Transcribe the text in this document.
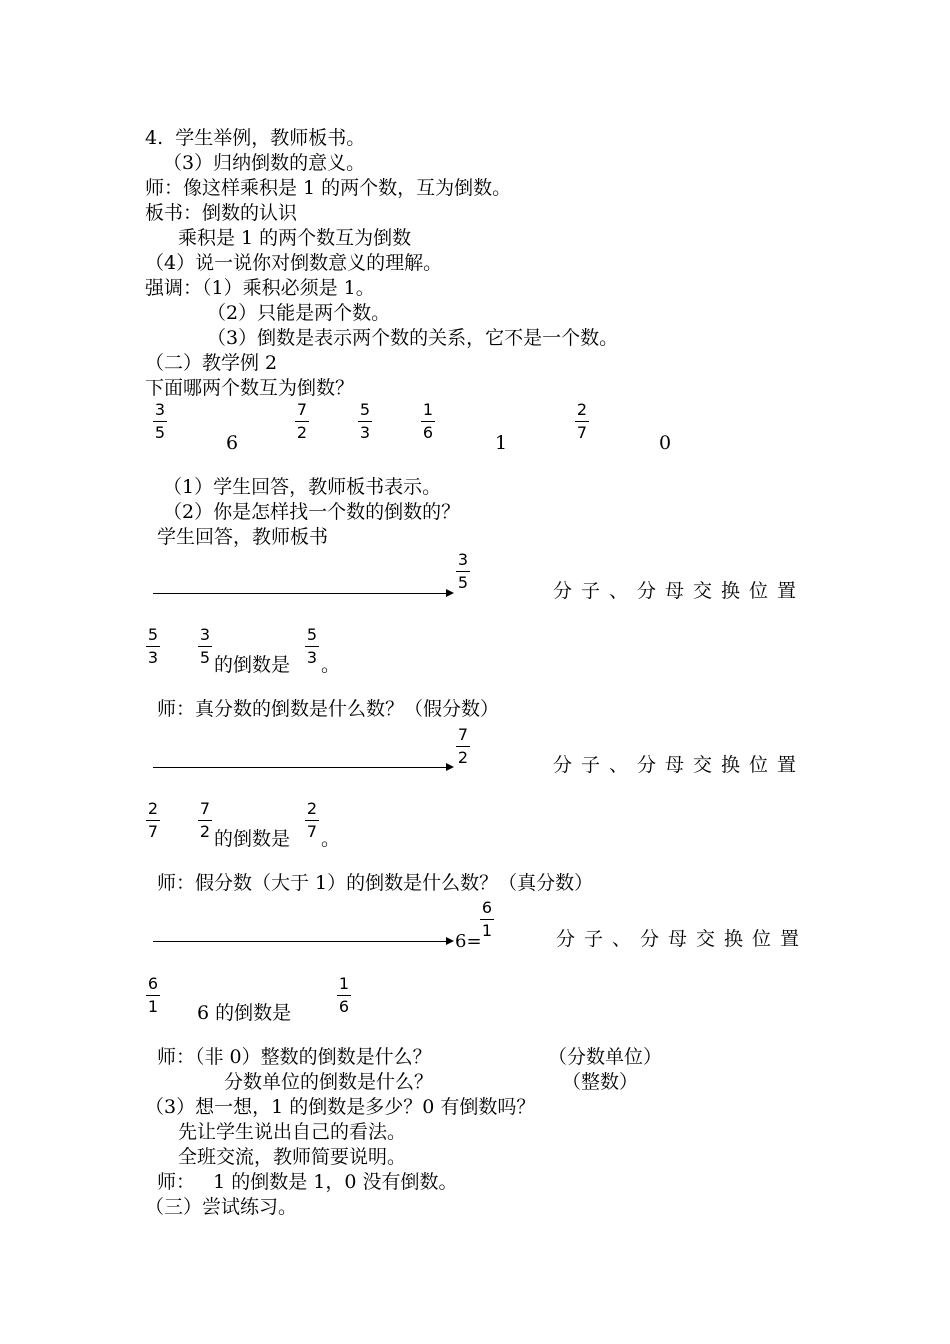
4.  学生举例，教师板书。
（3）归纳倒数的意义。
师：像这样乘积是 1 的两个数，互为倒数。
板书：倒数的认识
乘积是 1 的两个数互为倒数
（4）说一说你对倒数意义的理解。
强调：（1）乘积必须是 1。
（2）只能是两个数。
（3）倒数是表示两个数的关系，它不是一个数。
（二）教学例 2
下面哪两个数互为倒数？
3
5	6
7
2
5
3
1
6	1
2
7	0
（1）学生回答，教师板书表示。
（2）你是怎样找一个数的倒数的？
学生回答，教师板书
3
5	分子、分母交换位置
5
3
3
5 的倒数是
5
3 。
师：真分数的倒数是什么数？（假分数）
7
2	分子、分母交换位置
2
7
7
2 的倒数是
2
7 。
师：假分数（大于 1）的倒数是什么数？（真分数）
6=
6
1	分子、分母交换位置
6
1 6 的倒数是
1
6
师：（非 0）整数的倒数是什么？	（分数单位）
分数单位的倒数是什么？	（整数）
（3）想一想，1 的倒数是多少？0 有倒数吗？
先让学生说出自己的看法。
全班交流，教师简要说明。
师：   1 的倒数是 1，0 没有倒数。
（三）尝试练习。
